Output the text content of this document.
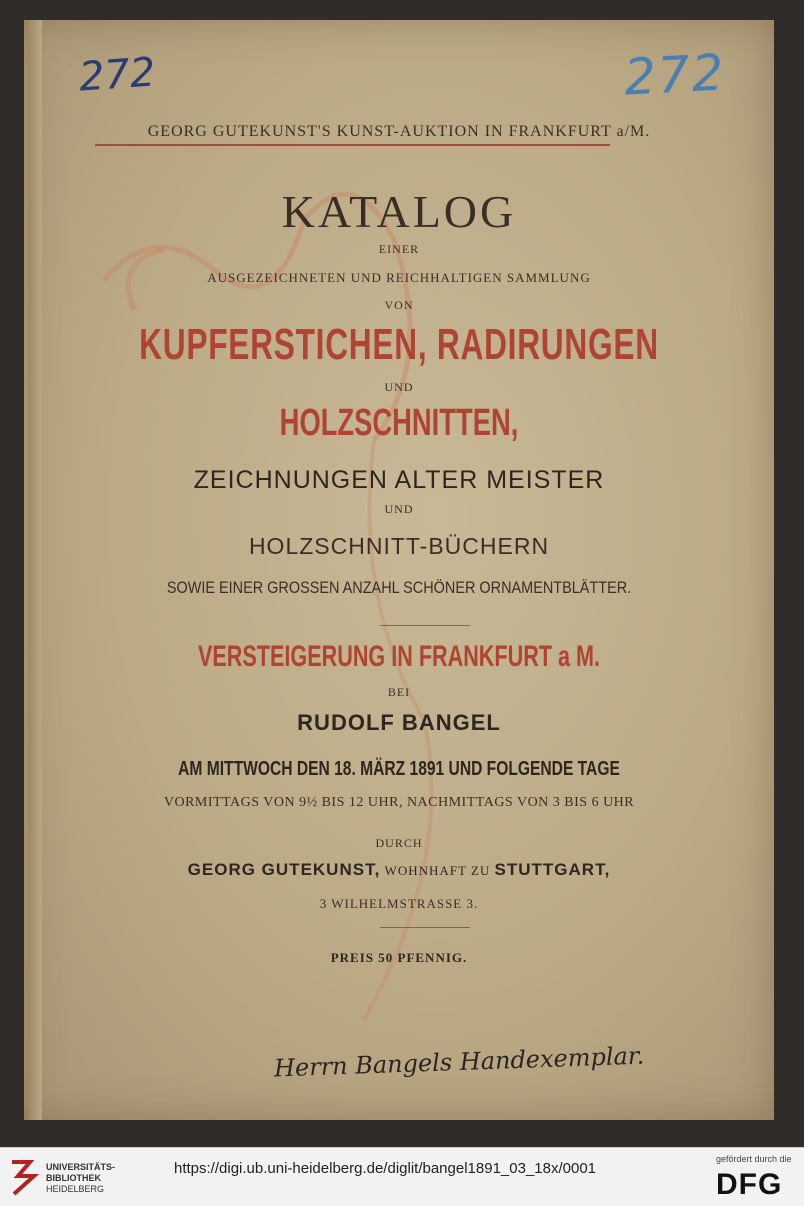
272	272
GEORG GUTEKUNST'S KUNST-AUKTION IN FRANKFURT a/M.
KATALOG
EINER
AUSGEZEICHNETEN UND REICHHALTIGEN SAMMLUNG
VON
KUPFERSTICHEN, RADIRUNGEN
UND
HOLZSCHNITTEN,
ZEICHNUNGEN ALTER MEISTER
UND
HOLZSCHNITT-BÜCHERN
SOWIE EINER GROSSEN ANZAHL SCHÖNER ORNAMENTBLÄTTER.
VERSTEIGERUNG IN FRANKFURT a M.
BEI
RUDOLF BANGEL
AM MITTWOCH DEN 18. MÄRZ 1891 UND FOLGENDE TAGE
VORMITTAGS VON 9½ BIS 12 UHR, NACHMITTAGS VON 3 BIS 6 UHR
DURCH
GEORG GUTEKUNST, WOHNHAFT ZU STUTTGART,
3 WILHELMSTRASSE 3.
PREIS 50 PFENNIG.
Herrn Bangels Handexemplar.
UNIVERSITÄTS-
BIBLIOTHEK
HEIDELBERG
https://digi.ub.uni-heidelberg.de/diglit/bangel1891_03_18x/0001
gefördert durch die
DFG
